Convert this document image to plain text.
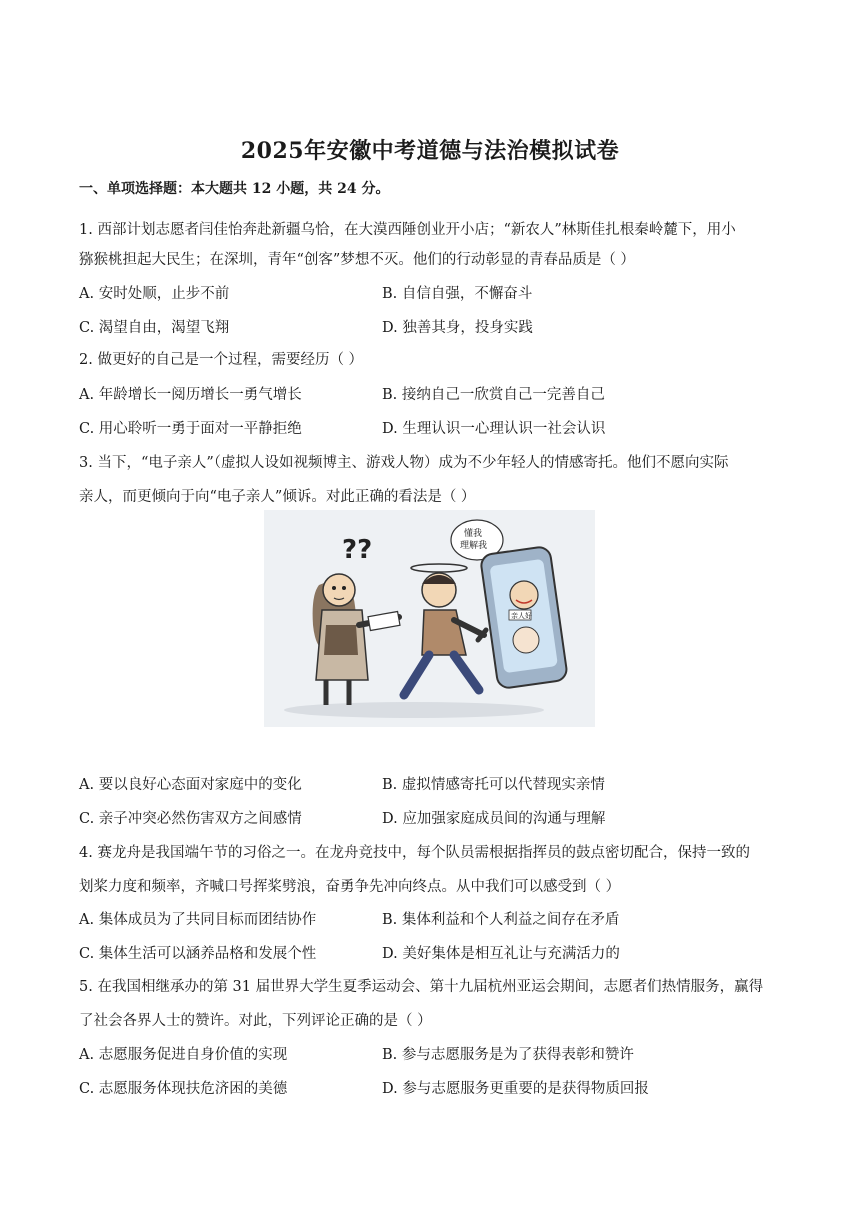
2025年安徽中考道德与法治模拟试卷
一、单项选择题：本大题共 12 小题，共 24 分。
1. 西部计划志愿者闫佳怡奔赴新疆乌恰，在大漠西陲创业开小店；“新农人”林斯佳扎根秦岭麓下，用小
猕猴桃担起大民生；在深圳，青年“创客”梦想不灭。他们的行动彰显的青春品质是（ ）
A. 安时处顺，止步不前	B. 自信自强，不懈奋斗
C. 渴望自由，渴望飞翔	D. 独善其身，投身实践
2. 做更好的自己是一个过程，需要经历（ ）
A. 年龄增长一阅历增长一勇气增长	B. 接纳自己一欣赏自己一完善自己
C. 用心聆听一勇于面对一平静拒绝	D. 生理认识一心理认识一社会认识
3. 当下，“电子亲人”（虚拟人设如视频博主、游戏人物）成为不少年轻人的情感寄托。他们不愿向实际
亲人，而更倾向于向“电子亲人”倾诉。对此正确的看法是（ ）
??
懂我
理解我
亲人好
A. 要以良好心态面对家庭中的变化	B. 虚拟情感寄托可以代替现实亲情
C. 亲子冲突必然伤害双方之间感情	D. 应加强家庭成员间的沟通与理解
4. 赛龙舟是我国端午节的习俗之一。在龙舟竞技中，每个队员需根据指挥员的鼓点密切配合，保持一致的
划桨力度和频率，齐喊口号挥桨劈浪，奋勇争先冲向终点。从中我们可以感受到（ ）
A. 集体成员为了共同目标而团结协作	B. 集体利益和个人利益之间存在矛盾
C. 集体生活可以涵养品格和发展个性	D. 美好集体是相互礼让与充满活力的
5. 在我国相继承办的第 31 届世界大学生夏季运动会、第十九届杭州亚运会期间，志愿者们热情服务，赢得
了社会各界人士的赞许。对此，下列评论正确的是（ ）
A. 志愿服务促进自身价值的实现	B. 参与志愿服务是为了获得表彰和赞许
C. 志愿服务体现扶危济困的美德	D. 参与志愿服务更重要的是获得物质回报
